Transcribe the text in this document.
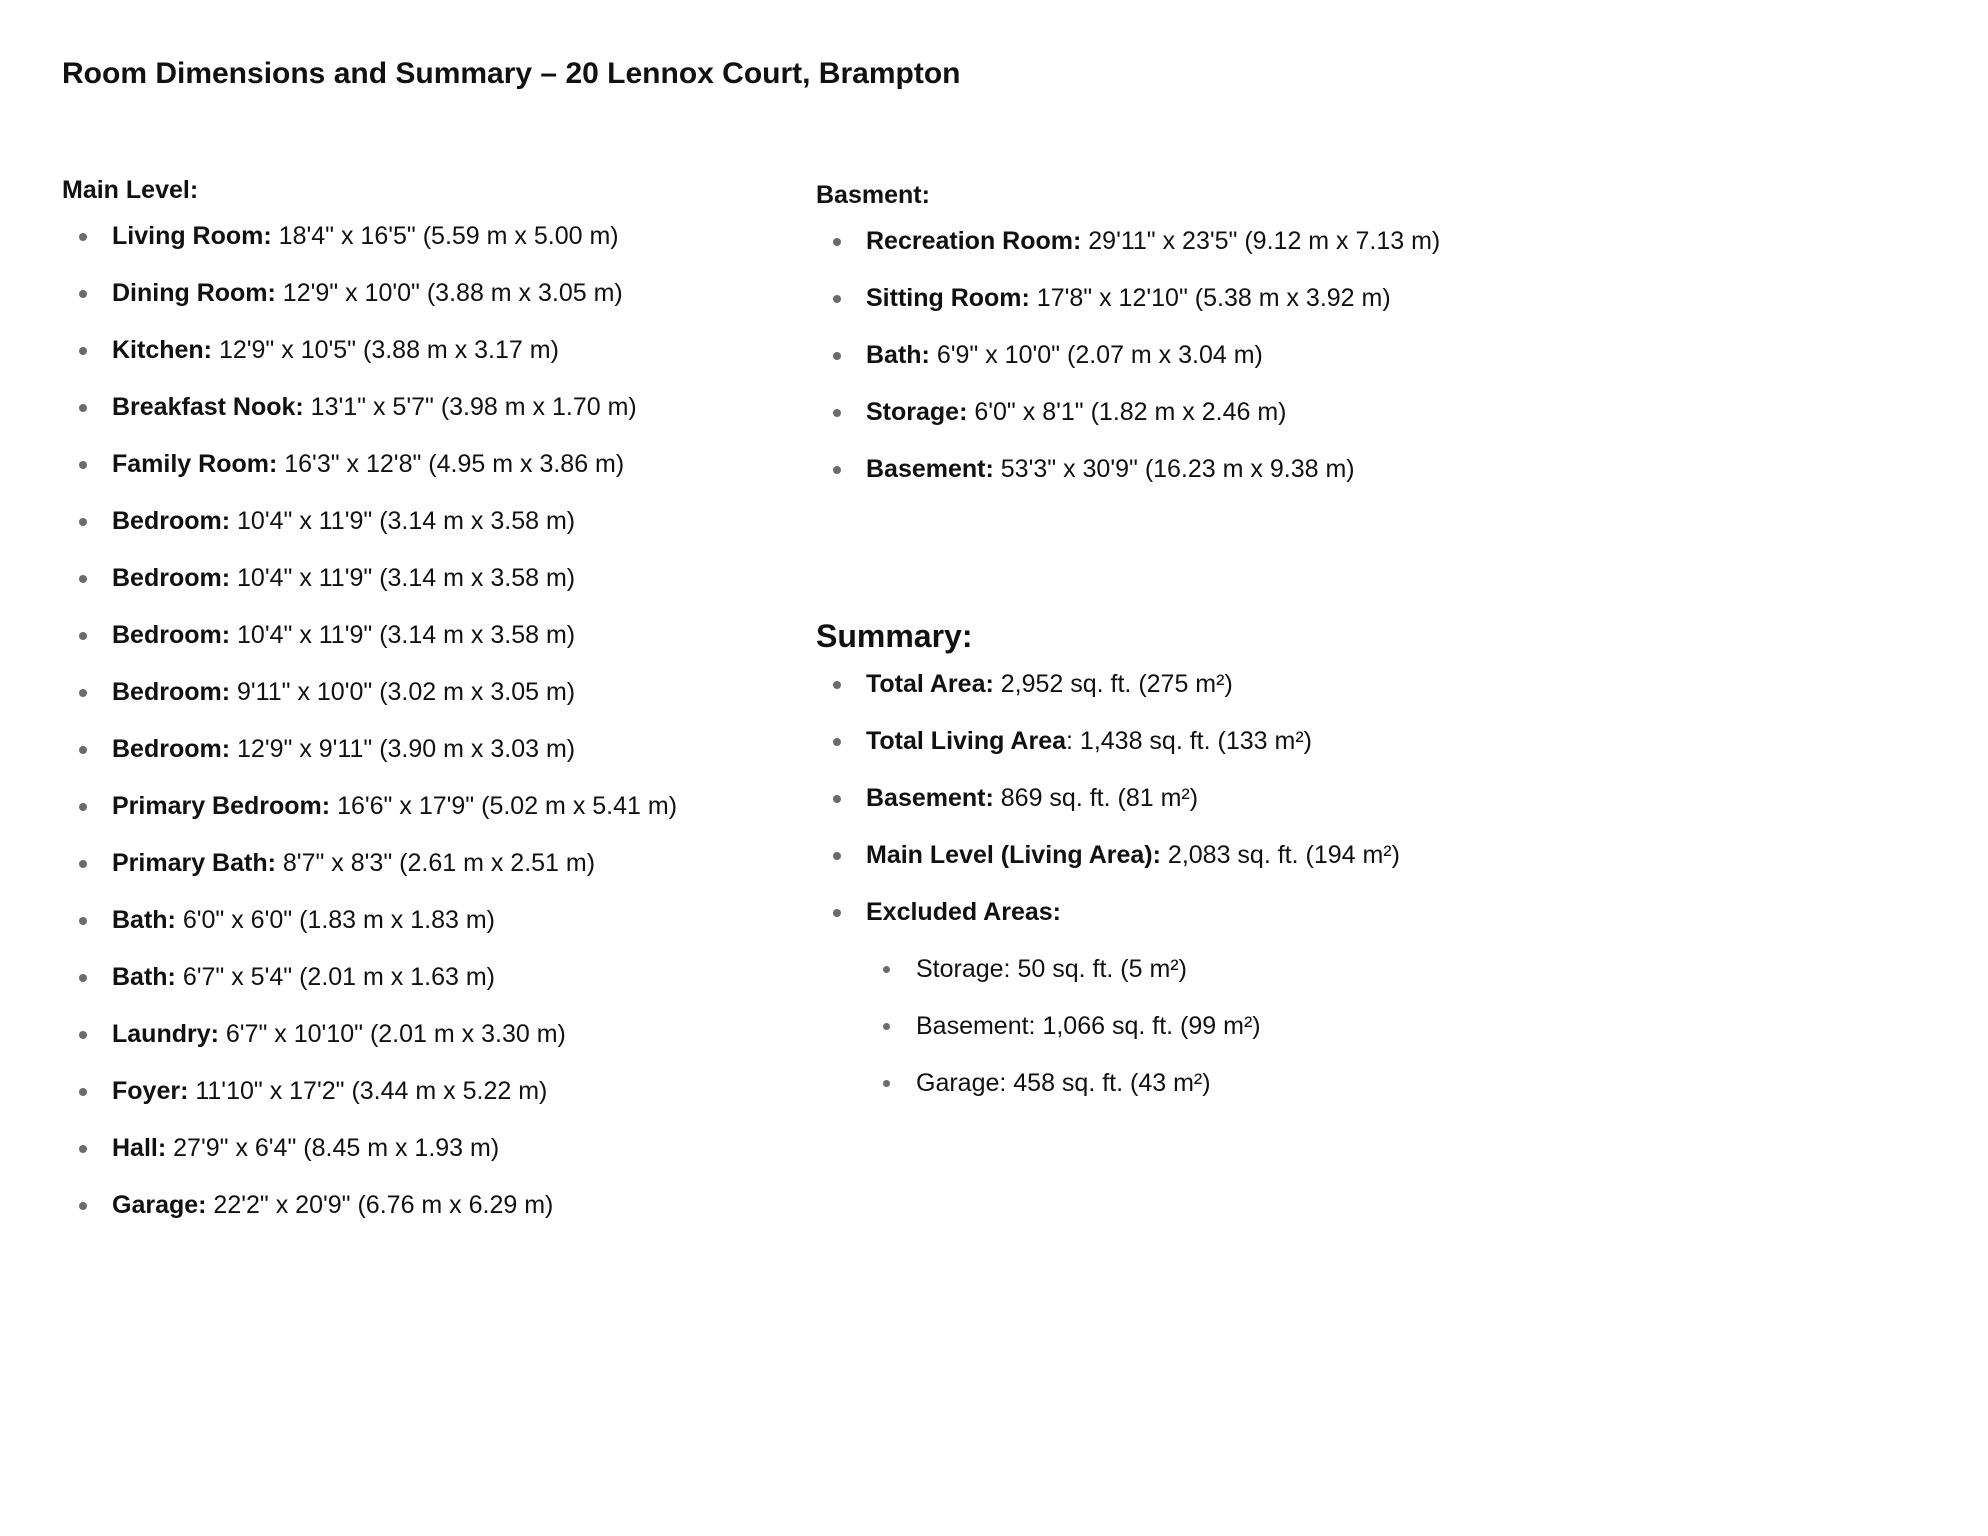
Room Dimensions and Summary – 20 Lennox Court, Brampton
Main Level:
Living Room: 18'4" x 16'5" (5.59 m x 5.00 m)
Dining Room: 12'9" x 10'0" (3.88 m x 3.05 m)
Kitchen: 12'9" x 10'5" (3.88 m x 3.17 m)
Breakfast Nook: 13'1" x 5'7" (3.98 m x 1.70 m)
Family Room: 16'3" x 12'8" (4.95 m x 3.86 m)
Bedroom: 10'4" x 11'9" (3.14 m x 3.58 m)
Bedroom: 10'4" x 11'9" (3.14 m x 3.58 m)
Bedroom: 10'4" x 11'9" (3.14 m x 3.58 m)
Bedroom: 9'11" x 10'0" (3.02 m x 3.05 m)
Bedroom: 12'9" x 9'11" (3.90 m x 3.03 m)
Primary Bedroom: 16'6" x 17'9" (5.02 m x 5.41 m)
Primary Bath: 8'7" x 8'3" (2.61 m x 2.51 m)
Bath: 6'0" x 6'0" (1.83 m x 1.83 m)
Bath: 6'7" x 5'4" (2.01 m x 1.63 m)
Laundry: 6'7" x 10'10" (2.01 m x 3.30 m)
Foyer: 11'10" x 17'2" (3.44 m x 5.22 m)
Hall: 27'9" x 6'4" (8.45 m x 1.93 m)
Garage: 22'2" x 20'9" (6.76 m x 6.29 m)
Basment:
Recreation Room: 29'11" x 23'5" (9.12 m x 7.13 m)
Sitting Room: 17'8" x 12'10" (5.38 m x 3.92 m)
Bath: 6'9" x 10'0" (2.07 m x 3.04 m)
Storage: 6'0" x 8'1" (1.82 m x 2.46 m)
Basement: 53'3" x 30'9" (16.23 m x 9.38 m)
Summary:
Total Area: 2,952 sq. ft. (275 m²)
Total Living Area: 1,438 sq. ft. (133 m²)
Basement: 869 sq. ft. (81 m²)
Main Level (Living Area): 2,083 sq. ft. (194 m²)
Excluded Areas:
Storage: 50 sq. ft. (5 m²)
Basement: 1,066 sq. ft. (99 m²)
Garage: 458 sq. ft. (43 m²)
